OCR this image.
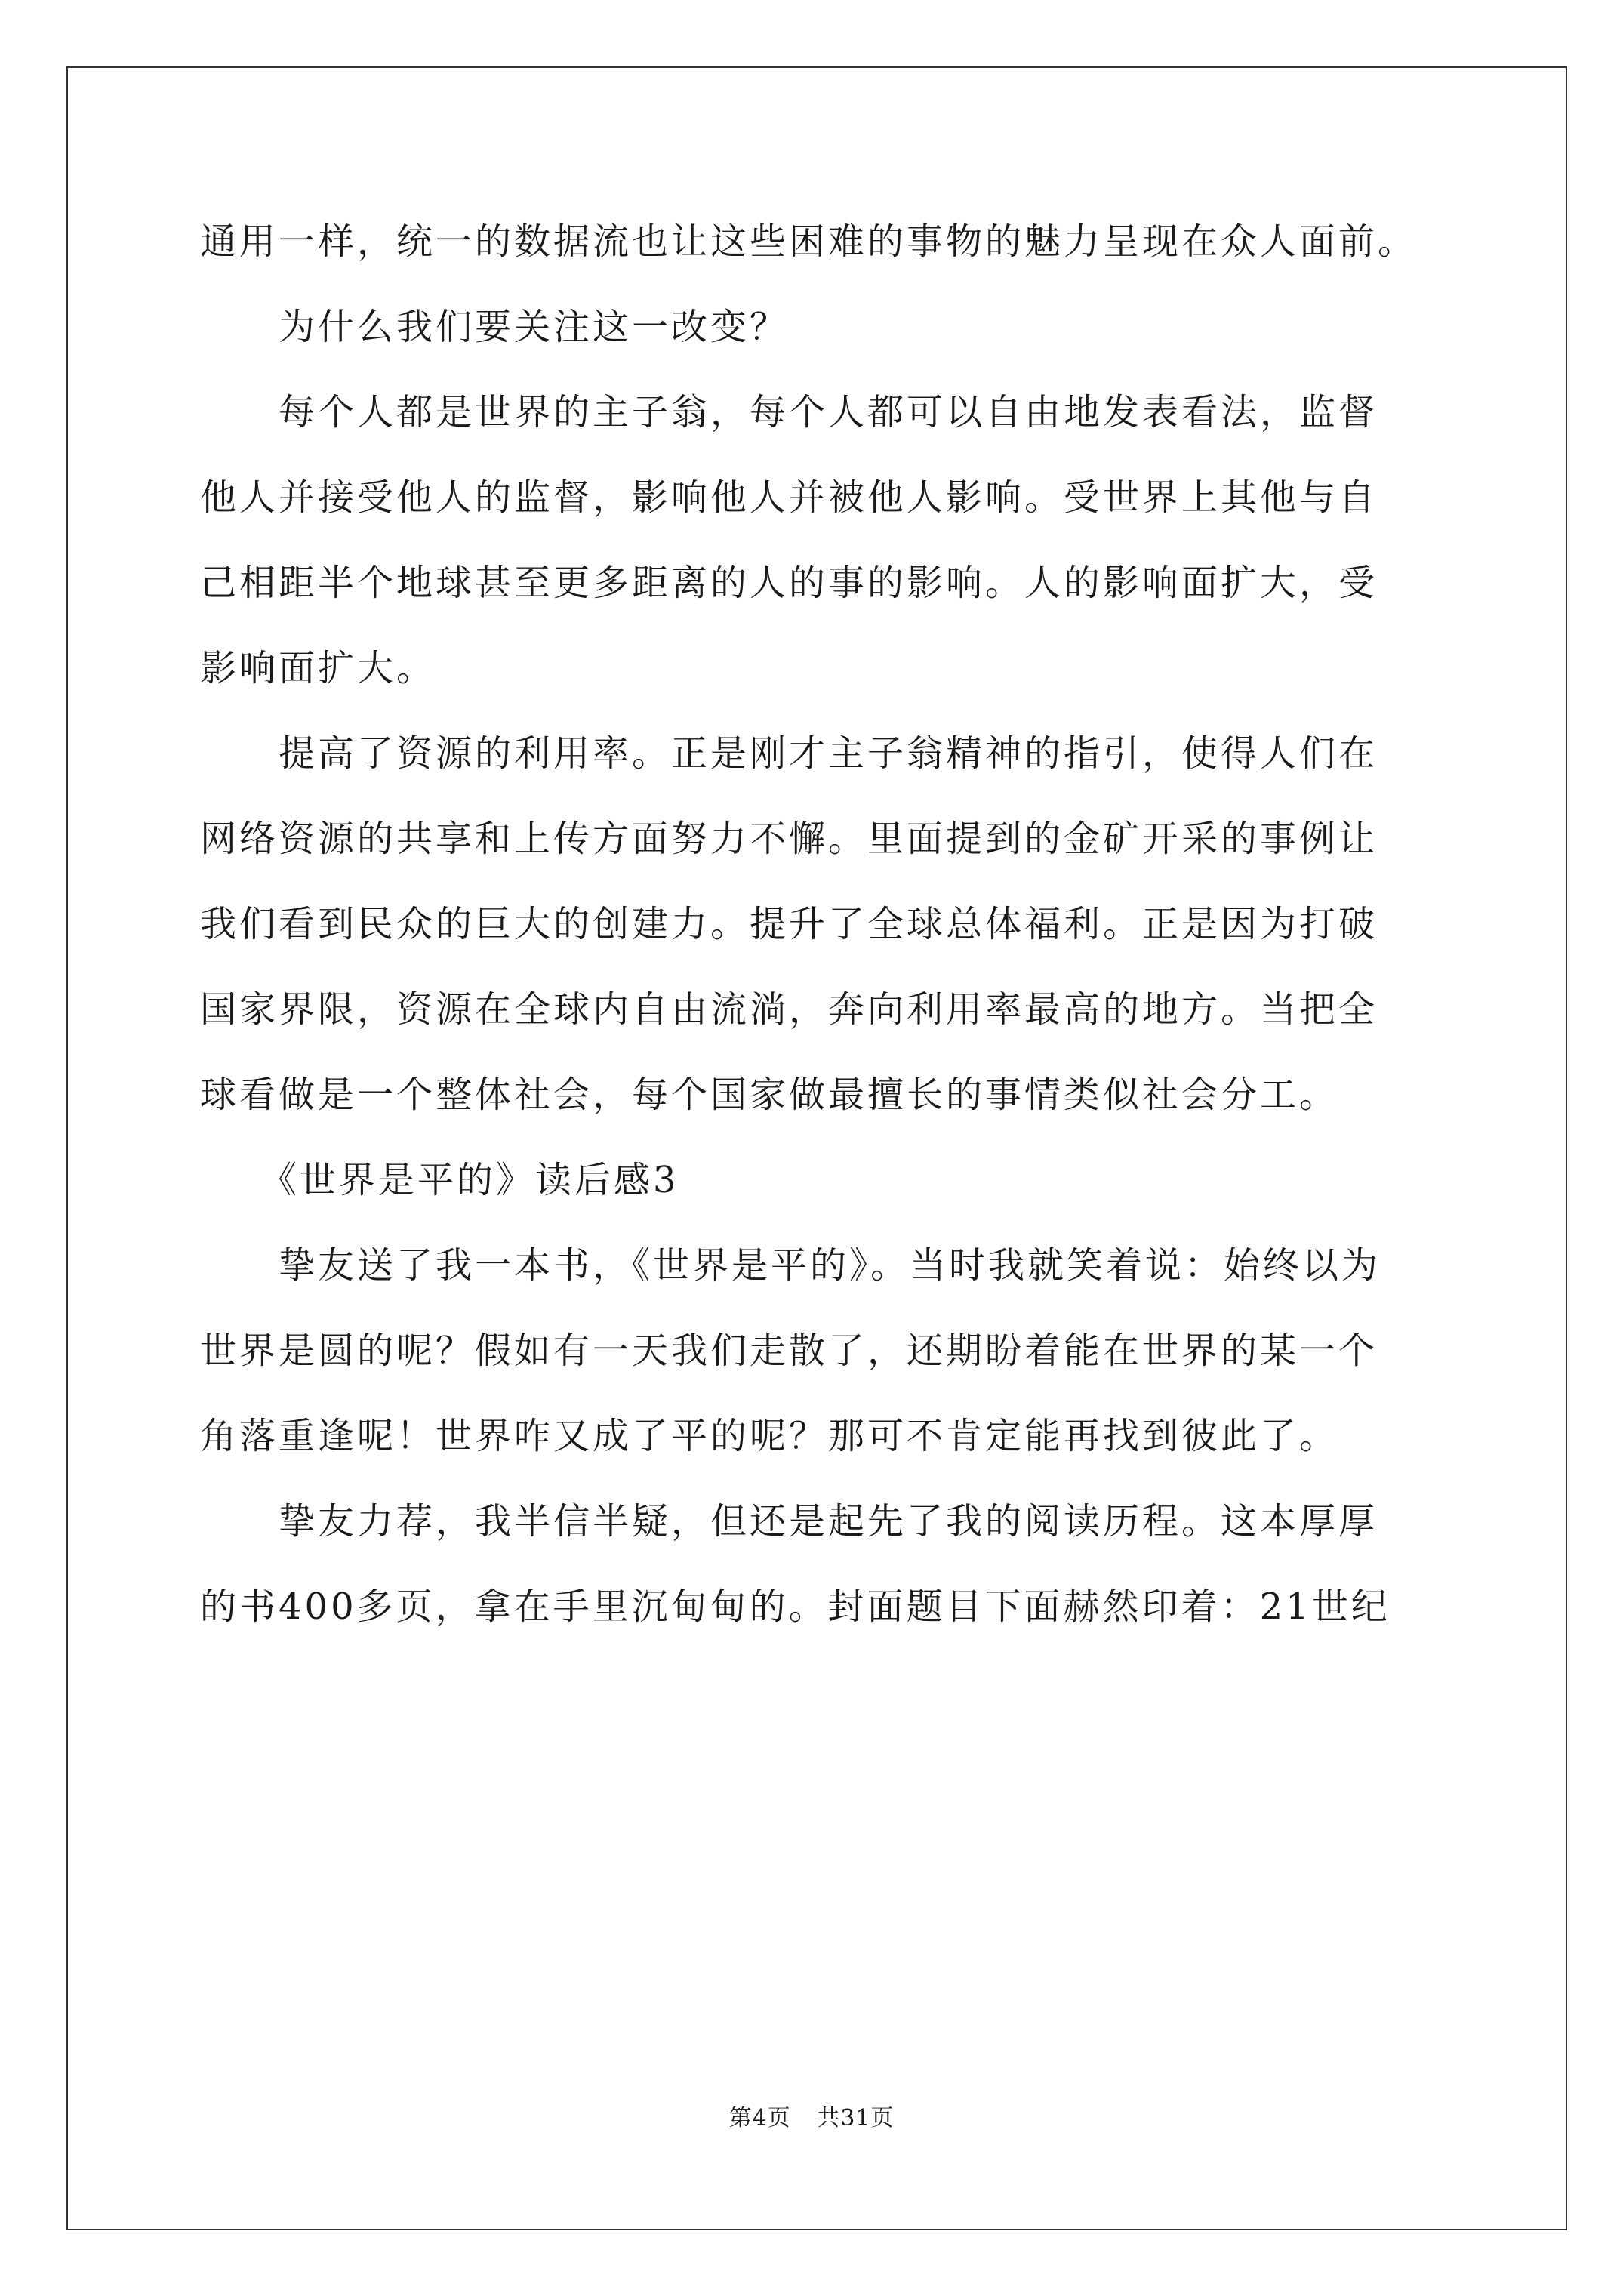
通用一样，统一的数据流也让这些困难的事物的魅力呈现在众人面前。
　　为什么我们要关注这一改变？
　　每个人都是世界的主子翁，每个人都可以自由地发表看法，监督
他人并接受他人的监督，影响他人并被他人影响。受世界上其他与自
己相距半个地球甚至更多距离的人的事的影响。人的影响面扩大，受
影响面扩大。
　　提高了资源的利用率。正是刚才主子翁精神的指引，使得人们在
网络资源的共享和上传方面努力不懈。里面提到的金矿开采的事例让
我们看到民众的巨大的创建力。提升了全球总体福利。正是因为打破
国家界限，资源在全球内自由流淌，奔向利用率最高的地方。当把全
球看做是一个整体社会，每个国家做最擅长的事情类似社会分工。
　　《世界是平的》读后感3
　　挚友送了我一本书，《世界是平的》。当时我就笑着说：始终以为
世界是圆的呢？假如有一天我们走散了，还期盼着能在世界的某一个
角落重逢呢！世界咋又成了平的呢？那可不肯定能再找到彼此了。
　　挚友力荐，我半信半疑，但还是起先了我的阅读历程。这本厚厚
的书400多页，拿在手里沉甸甸的。封面题目下面赫然印着：21世纪
第4页 共31页
